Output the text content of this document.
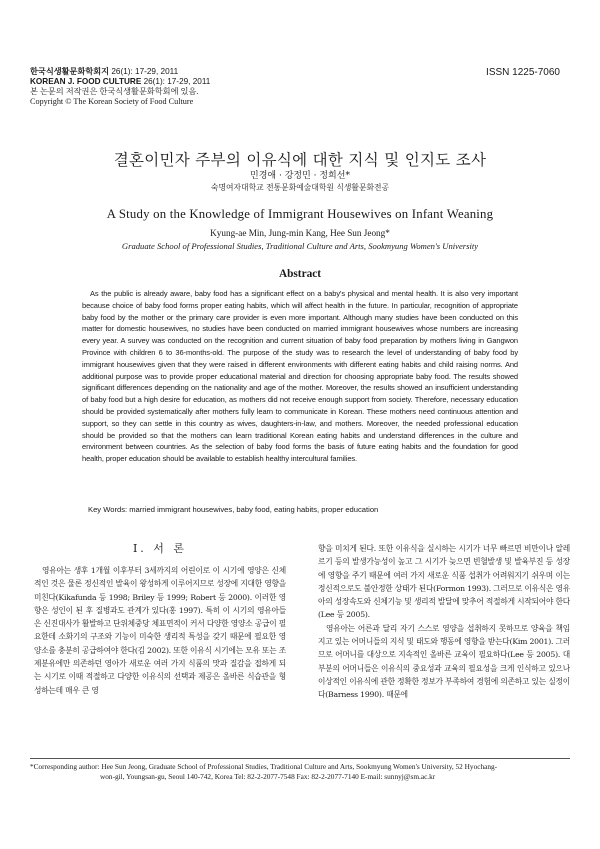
한국식생활문화학회지 26(1): 17-29, 2011
KOREAN J. FOOD CULTURE 26(1): 17-29, 2011
본 논문의 저작권은 한국식생활문화학회에 있음.
Copyright © The Korean Society of Food Culture
ISSN 1225-7060
결혼이민자 주부의 이유식에 대한 지식 및 인지도 조사
민경애 · 강정민 · 정희선*
숙명여자대학교 전통문화예술대학원 식생활문화전공
A Study on the Knowledge of Immigrant Housewives on Infant Weaning
Kyung-ae Min, Jung-min Kang, Hee Sun Jeong*
Graduate School of Professional Studies, Traditional Culture and Arts, Sookmyung Women's University
Abstract
As the public is already aware, baby food has a significant effect on a baby's physical and mental health. It is also very important because choice of baby food forms proper eating habits, which will affect health in the future. In particular, recognition of appropriate baby food by the mother or the primary care provider is even more important. Although many studies have been conducted on this matter for domestic housewives, no studies have been conducted on married immigrant housewives whose numbers are increasing every year. A survey was conducted on the recognition and current situation of baby food preparation by mothers living in Gangwon Province with children 6 to 36-months-old. The purpose of the study was to research the level of understanding of baby food by immigrant housewives given that they were raised in different environments with different eating habits and child raising norms. And additional purpose was to provide proper educational material and direction for choosing appropriate baby food. The results showed significant differences depending on the nationality and age of the mother. Moreover, the results showed an insufficient understanding of baby food but a high desire for education, as mothers did not receive enough support from society. Therefore, necessary education should be provided systematically after mothers fully learn to communicate in Korean. These mothers need continuous attention and support, so they can settle in this country as wives, daughters-in-law, and mothers. Moreover, the needed professional education should be provided so that the mothers can learn traditional Korean eating habits and understand differences in the culture and environment between countries. As the selection of baby food forms the basis of future eating habits and the foundation for good health, proper education should be available to establish healthy intercultural families.
Key Words: married immigrant housewives, baby food, eating habits, proper education
I. 서 론

영유아는 생후 1개월 이후부터 3세까지의 어린이로 이 시기에 영양은 신체적인 것은 물론 정신적인 발육이 왕성하게 이루어지므로 성장에 지대한 영향을 미친다(Kikafunda 등 1998; Briley 등 1999; Robert 등 2000). 이러한 영향은 성인이 된 후 질병과도 관계가 있다(홍 1997). 특히 이 시기의 영유아들은 신진대사가 활발하고 단위체중당 체표면적이 커서 다양한 영양소 공급이 필요한데 소화기의 구조와 기능이 미숙한 생리적 특성을 갖기 때문에 필요한 영양소를 충분히 공급하여야 한다(김 2002). 또한 이유식 시기에는 모유 또는 조제분유에만 의존하던 영아가 새로운 여러 가지 식품의 맛과 질감을 접하게 되는 시기로 이때 적절하고 다양한 이유식의 선택과 제공은 올바른 식습관을 형성하는데 매우 큰 영

향을 미치게 된다. 또한 이유식을 실시하는 시기가 너무 빠르면 비만이나 알레르기 등의 발생가능성이 높고 그 시기가 늦으면 빈혈발생 및 발육부진 등 성장에 영향을 주기 때문에 여러 가지 새로운 식품 섭취가 어려워지기 쉬우며 이는 정신적으로도 불안정한 상태가 된다(Formon 1993). 그러므로 이유식은 영유아의 성장속도와 신체기능 및 생리적 발달에 맞추어 적절하게 시작되어야 한다(Lee 등 2005).

영유아는 어른과 달리 자기 스스로 영양을 섭취하지 못하므로 양육을 책임지고 있는 어머니들의 지식 및 태도와 행동에 영향을 받는다(Kim 2001). 그러므로 어머니를 대상으로 지속적인 올바른 교육이 필요하다(Lee 등 2005). 대부분의 어머니들은 이유식의 중요성과 교육의 필요성을 크게 인식하고 있으나 이상적인 이유식에 관한 정확한 정보가 부족하여 경험에 의존하고 있는 실정이다(Barness 1990). 때문에

*Corresponding author: Hee Sun Jeong, Graduate School of Professional Studies, Traditional Culture and Arts, Sookmyung Women's University, 52 Hyochang-
won-gil, Youngsan-gu, Seoul 140-742, Korea Tel: 82-2-2077-7548 Fax: 82-2-2077-7140 E-mail: sunnyj@sm.ac.kr
